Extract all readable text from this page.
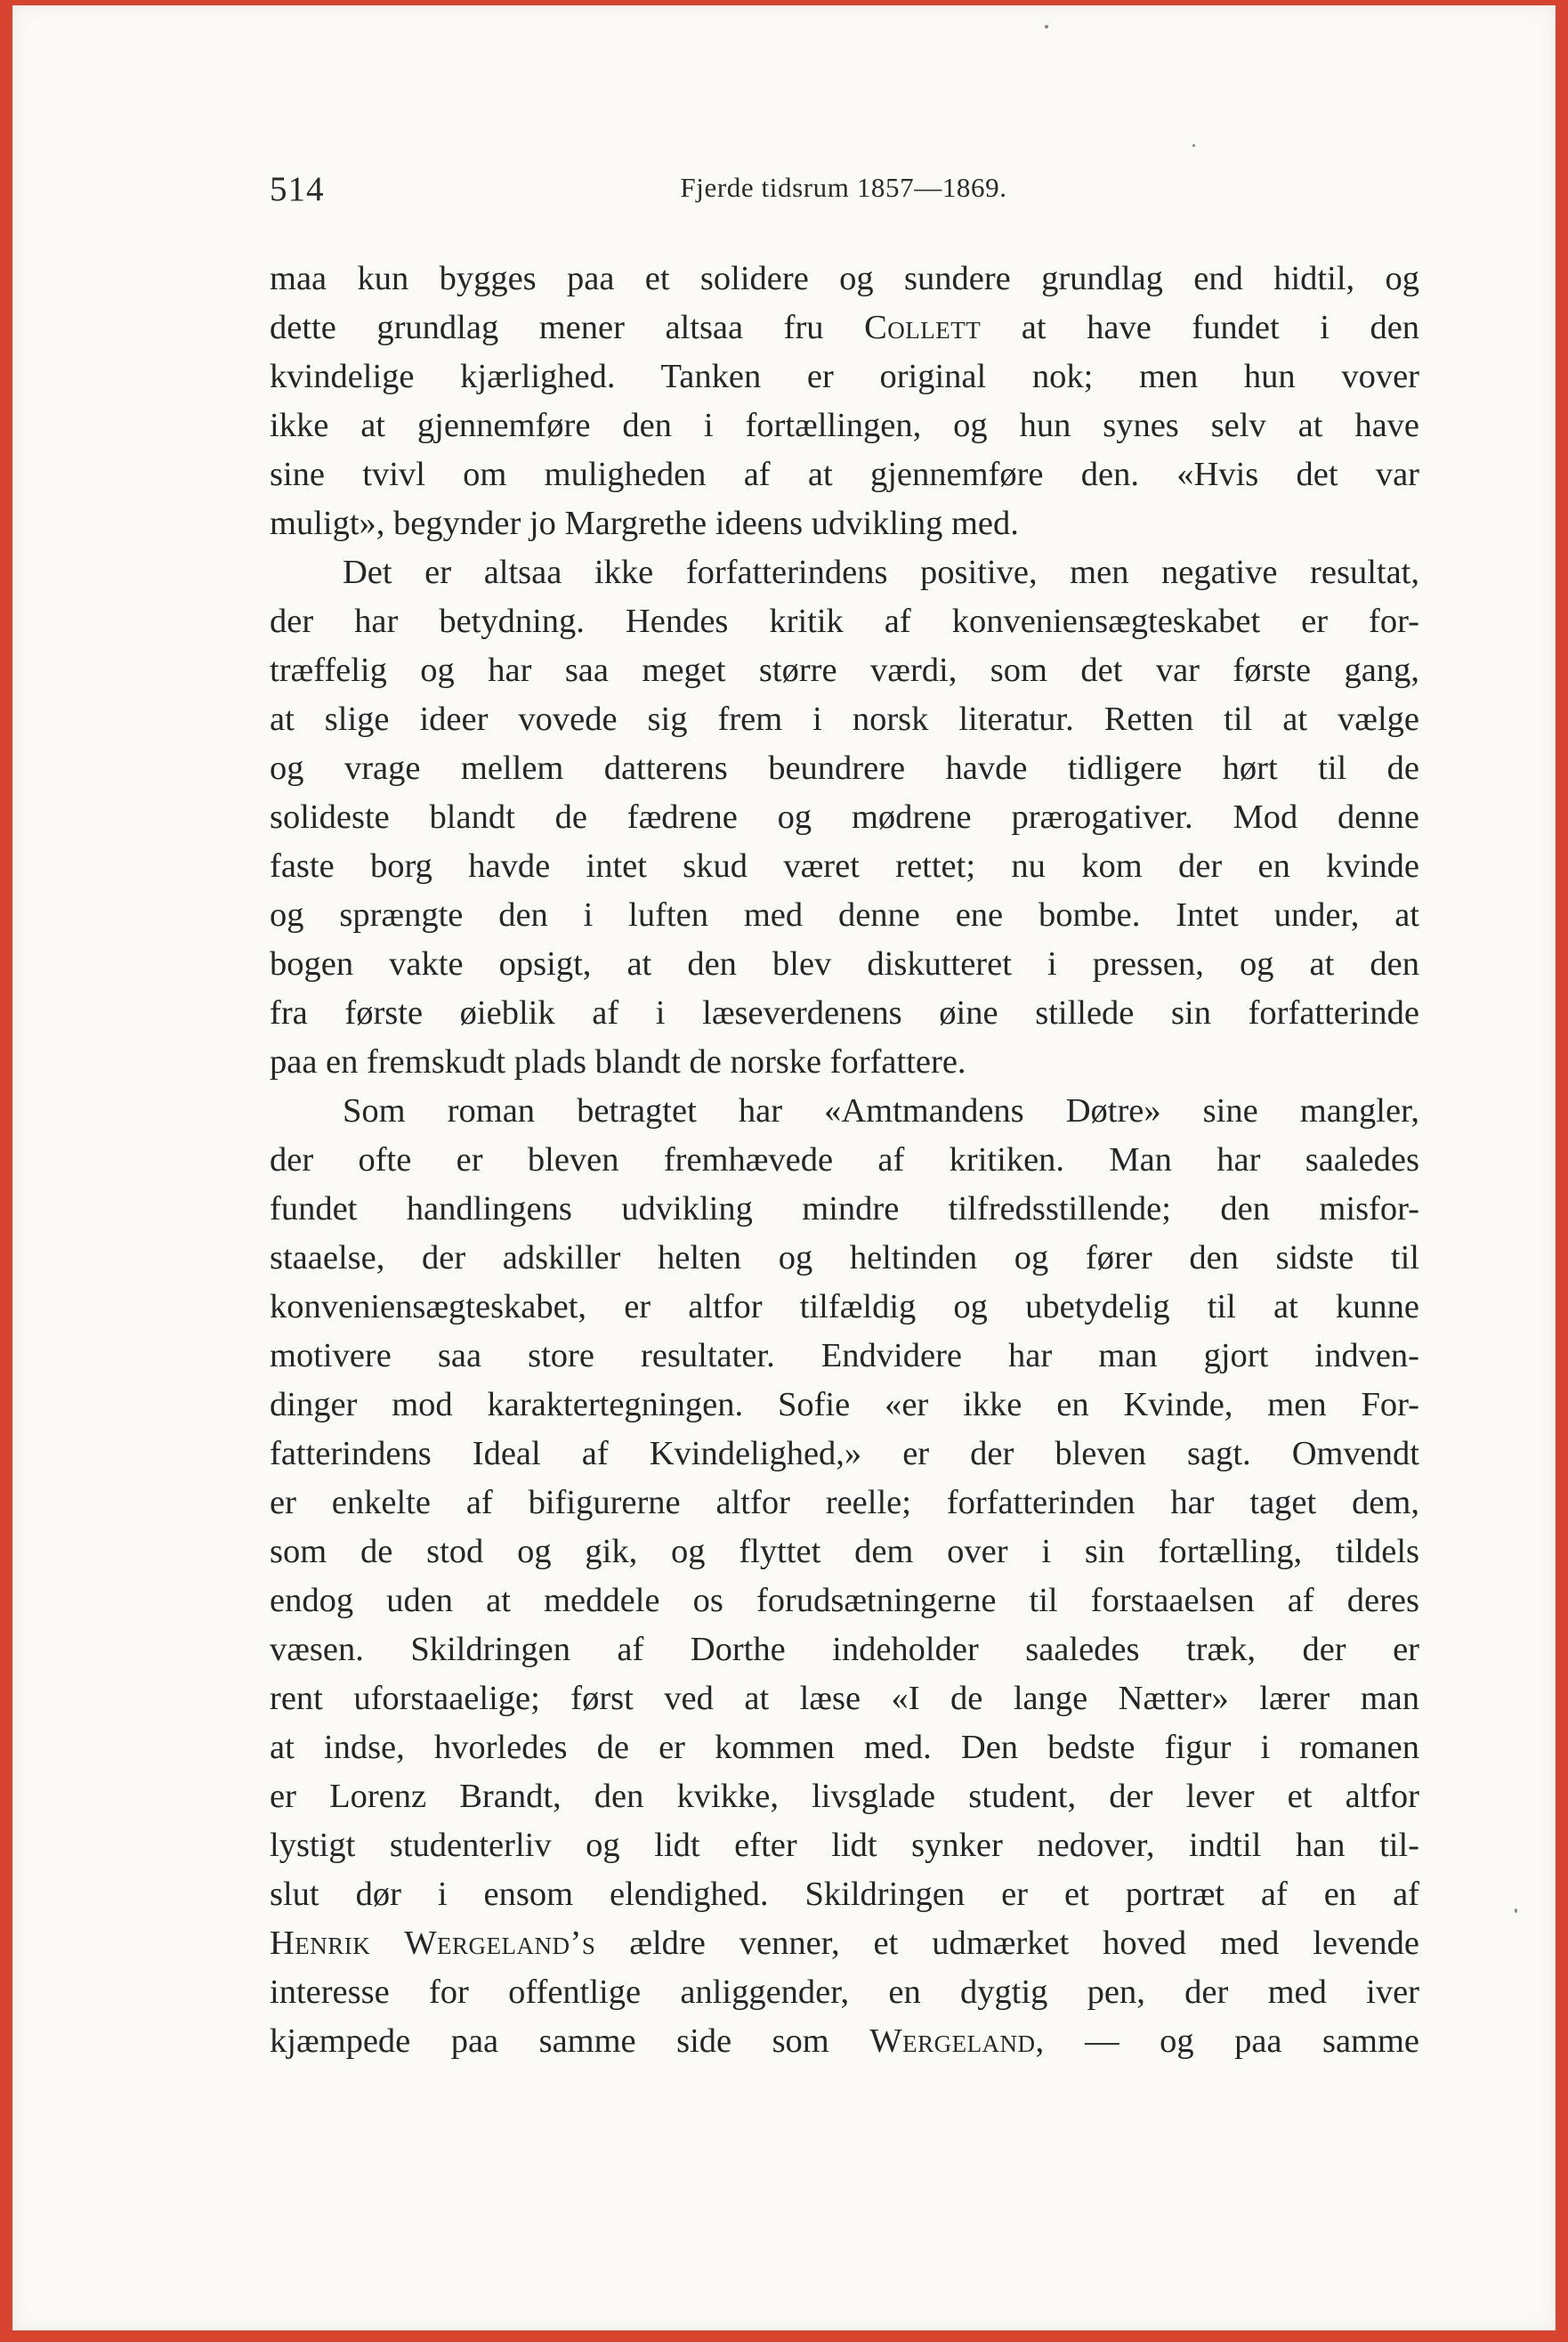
514	Fjerde tidsrum 1857—1869.
maa kun bygges paa et solidere og sundere grundlag end hidtil, og
dette grundlag mener altsaa fru Collett at have fundet i den
kvindelige kjærlighed. Tanken er original nok; men hun vover
ikke at gjennemføre den i fortællingen, og hun synes selv at have
sine tvivl om muligheden af at gjennemføre den. «Hvis det var
muligt», begynder jo Margrethe ideens udvikling med.
Det er altsaa ikke forfatterindens positive, men negative resultat,
der har betydning. Hendes kritik af konveniensægteskabet er for-
træffelig og har saa meget større værdi, som det var første gang,
at slige ideer vovede sig frem i norsk literatur. Retten til at vælge
og vrage mellem datterens beundrere havde tidligere hørt til de
solideste blandt de fædrene og mødrene prærogativer. Mod denne
faste borg havde intet skud været rettet; nu kom der en kvinde
og sprængte den i luften med denne ene bombe. Intet under, at
bogen vakte opsigt, at den blev diskutteret i pressen, og at den
fra første øieblik af i læseverdenens øine stillede sin forfatterinde
paa en fremskudt plads blandt de norske forfattere.
Som roman betragtet har «Amtmandens Døtre» sine mangler,
der ofte er bleven fremhævede af kritiken. Man har saaledes
fundet handlingens udvikling mindre tilfredsstillende; den misfor-
staaelse, der adskiller helten og heltinden og fører den sidste til
konveniensægteskabet, er altfor tilfældig og ubetydelig til at kunne
motivere saa store resultater. Endvidere har man gjort indven-
dinger mod karaktertegningen. Sofie «er ikke en Kvinde, men For-
fatterindens Ideal af Kvindelighed,» er der bleven sagt. Omvendt
er enkelte af bifigurerne altfor reelle; forfatterinden har taget dem,
som de stod og gik, og flyttet dem over i sin fortælling, tildels
endog uden at meddele os forudsætningerne til forstaaelsen af deres
væsen. Skildringen af Dorthe indeholder saaledes træk, der er
rent uforstaaelige; først ved at læse «I de lange Nætter» lærer man
at indse, hvorledes de er kommen med. Den bedste figur i romanen
er Lorenz Brandt, den kvikke, livsglade student, der lever et altfor
lystigt studenterliv og lidt efter lidt synker nedover, indtil han til-
slut dør i ensom elendighed. Skildringen er et portræt af en af
Henrik Wergeland’s ældre venner, et udmærket hoved med levende
interesse for offentlige anliggender, en dygtig pen, der med iver
kjæmpede paa samme side som Wergeland, — og paa samme
